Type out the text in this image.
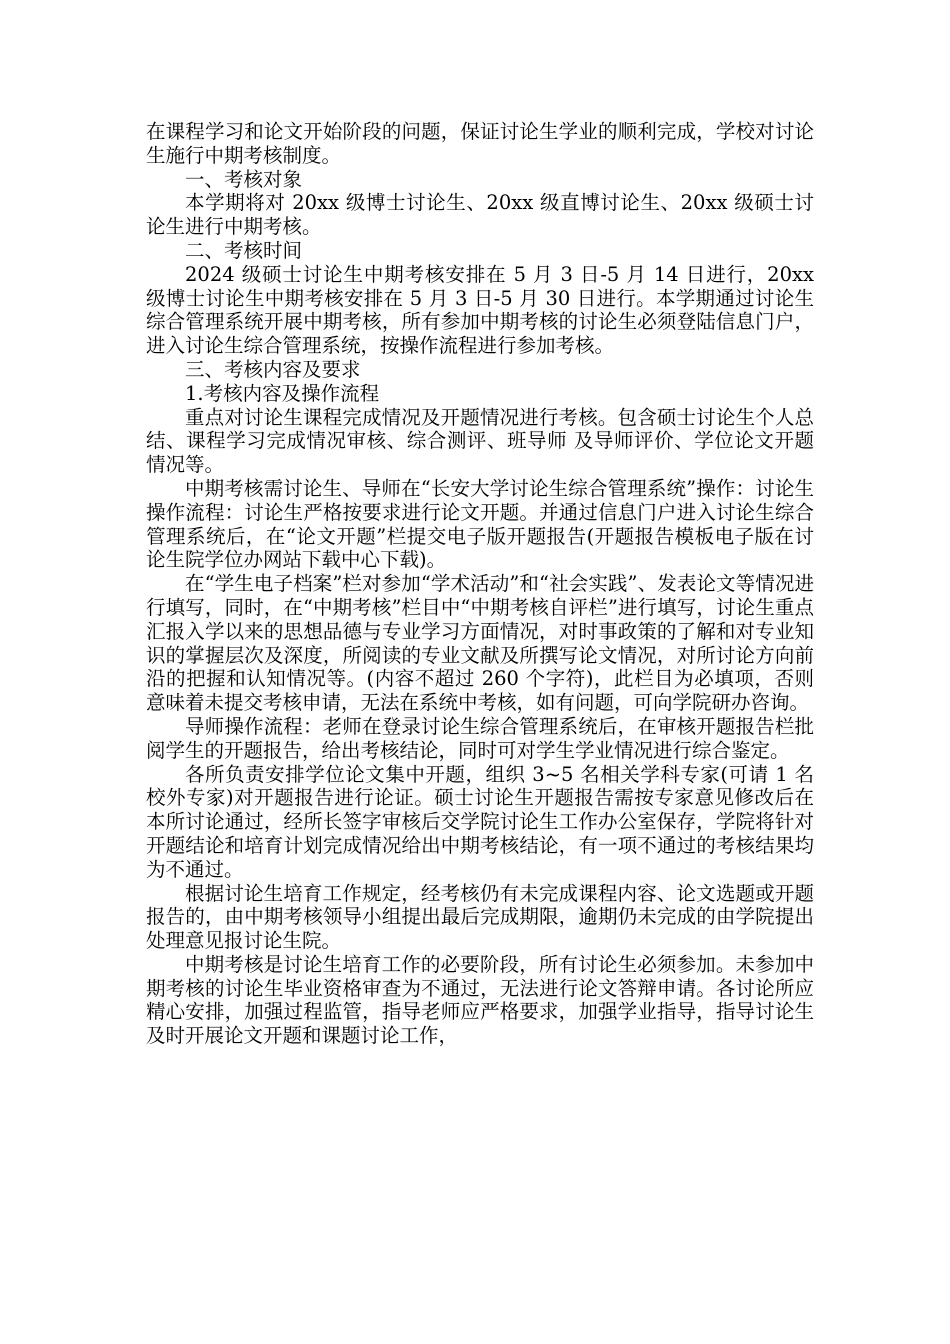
在课程学习和论文开始阶段的问题，保证讨论生学业的顺利完成，学校对讨论生施行中期考核制度。

一、考核对象

本学期将对 20xx 级博士讨论生、20xx 级直博讨论生、20xx 级硕士讨论生进行中期考核。

二、考核时间

2024 级硕士讨论生中期考核安排在 5 月 3 日-5 月 14 日进行，20xx 级博士讨论生中期考核安排在 5 月 3 日-5 月 30 日进行。本学期通过讨论生综合管理系统开展中期考核，所有参加中期考核的讨论生必须登陆信息门户，进入讨论生综合管理系统，按操作流程进行参加考核。

三、考核内容及要求

1.考核内容及操作流程

重点对讨论生课程完成情况及开题情况进行考核。包含硕士讨论生个人总结、课程学习完成情况审核、综合测评、班导师 及导师评价、学位论文开题情况等。

中期考核需讨论生、导师在“长安大学讨论生综合管理系统”操作：讨论生操作流程：讨论生严格按要求进行论文开题。并通过信息门户进入讨论生综合管理系统后，在“论文开题”栏提交电子版开题报告(开题报告模板电子版在讨论生院学位办网站下载中心下载)。

在“学生电子档案”栏对参加“学术活动”和“社会实践”、发表论文等情况进行填写，同时，在“中期考核”栏目中“中期考核自评栏”进行填写，讨论生重点汇报入学以来的思想品德与专业学习方面情况，对时事政策的了解和对专业知识的掌握层次及深度，所阅读的专业文献及所撰写论文情况，对所讨论方向前沿的把握和认知情况等。(内容不超过 260 个字符)，此栏目为必填项，否则意味着未提交考核申请，无法在系统中考核，如有问题，可向学院研办咨询。

导师操作流程：老师在登录讨论生综合管理系统后，在审核开题报告栏批阅学生的开题报告，给出考核结论，同时可对学生学业情况进行综合鉴定。

各所负责安排学位论文集中开题，组织 3~5 名相关学科专家(可请 1 名校外专家)对开题报告进行论证。硕士讨论生开题报告需按专家意见修改后在本所讨论通过，经所长签字审核后交学院讨论生工作办公室保存，学院将针对开题结论和培育计划完成情况给出中期考核结论，有一项不通过的考核结果均为不通过。

根据讨论生培育工作规定，经考核仍有未完成课程内容、论文选题或开题报告的，由中期考核领导小组提出最后完成期限，逾期仍未完成的由学院提出处理意见报讨论生院。

中期考核是讨论生培育工作的必要阶段，所有讨论生必须参加。未参加中期考核的讨论生毕业资格审查为不通过，无法进行论文答辩申请。各讨论所应精心安排，加强过程监管，指导老师应严格要求，加强学业指导，指导讨论生及时开展论文开题和课题讨论工作，
